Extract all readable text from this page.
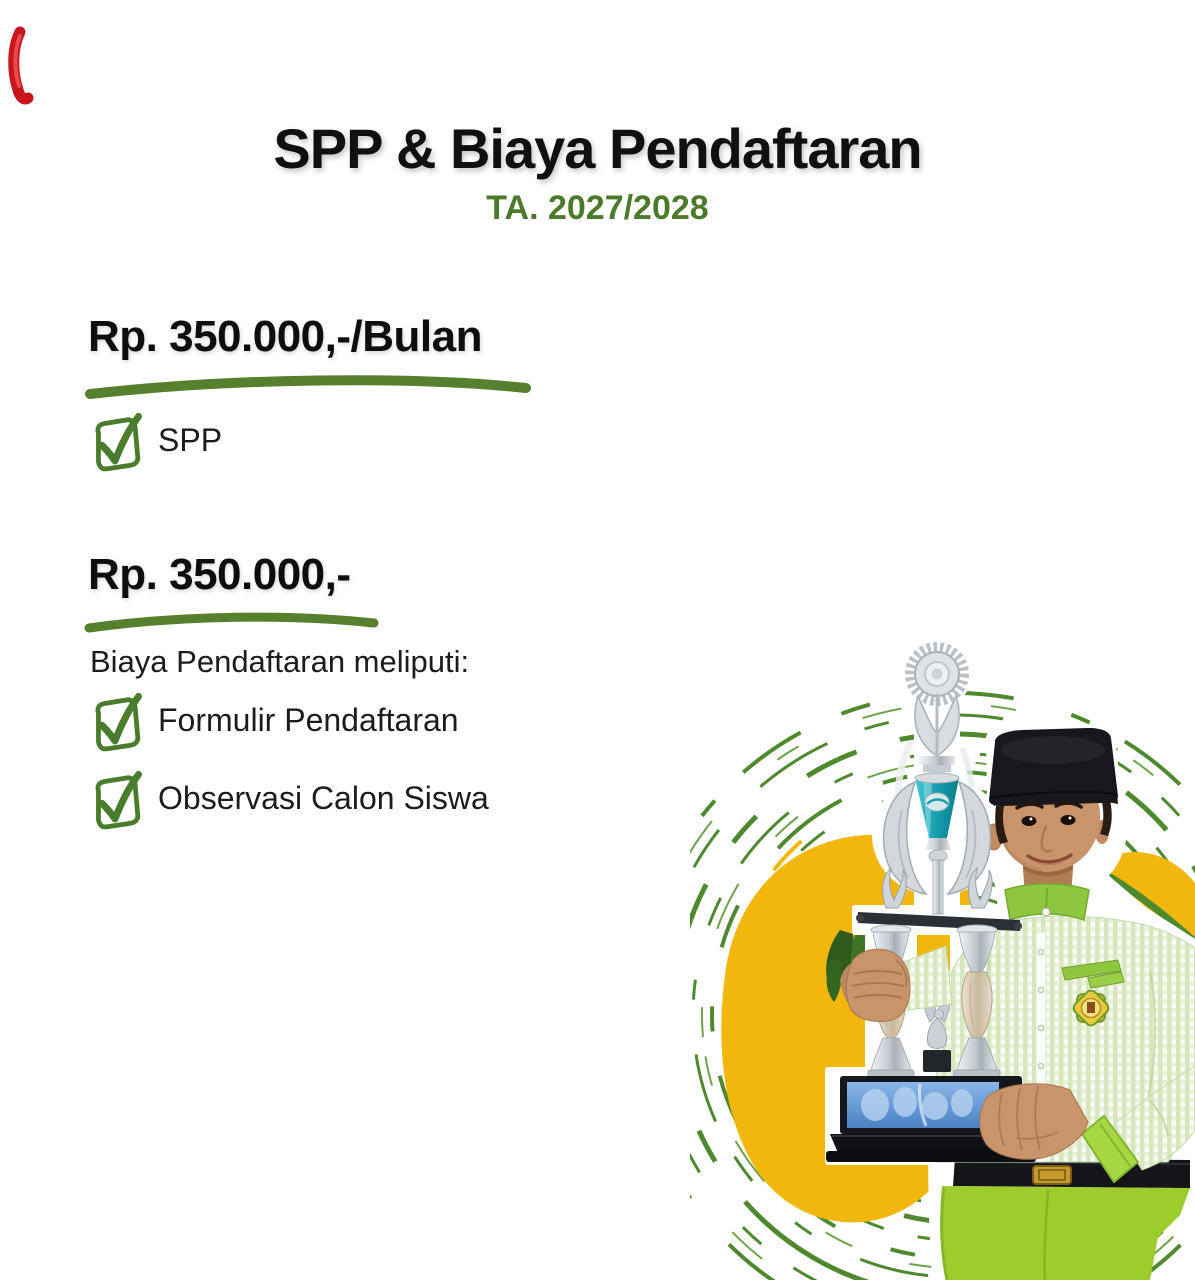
SPP & Biaya Pendaftaran
TA. 2027/2028
Rp. 350.000,-/Bulan
SPP
Rp. 350.000,-
Biaya Pendaftaran meliputi:
Formulir Pendaftaran
Observasi Calon Siswa
